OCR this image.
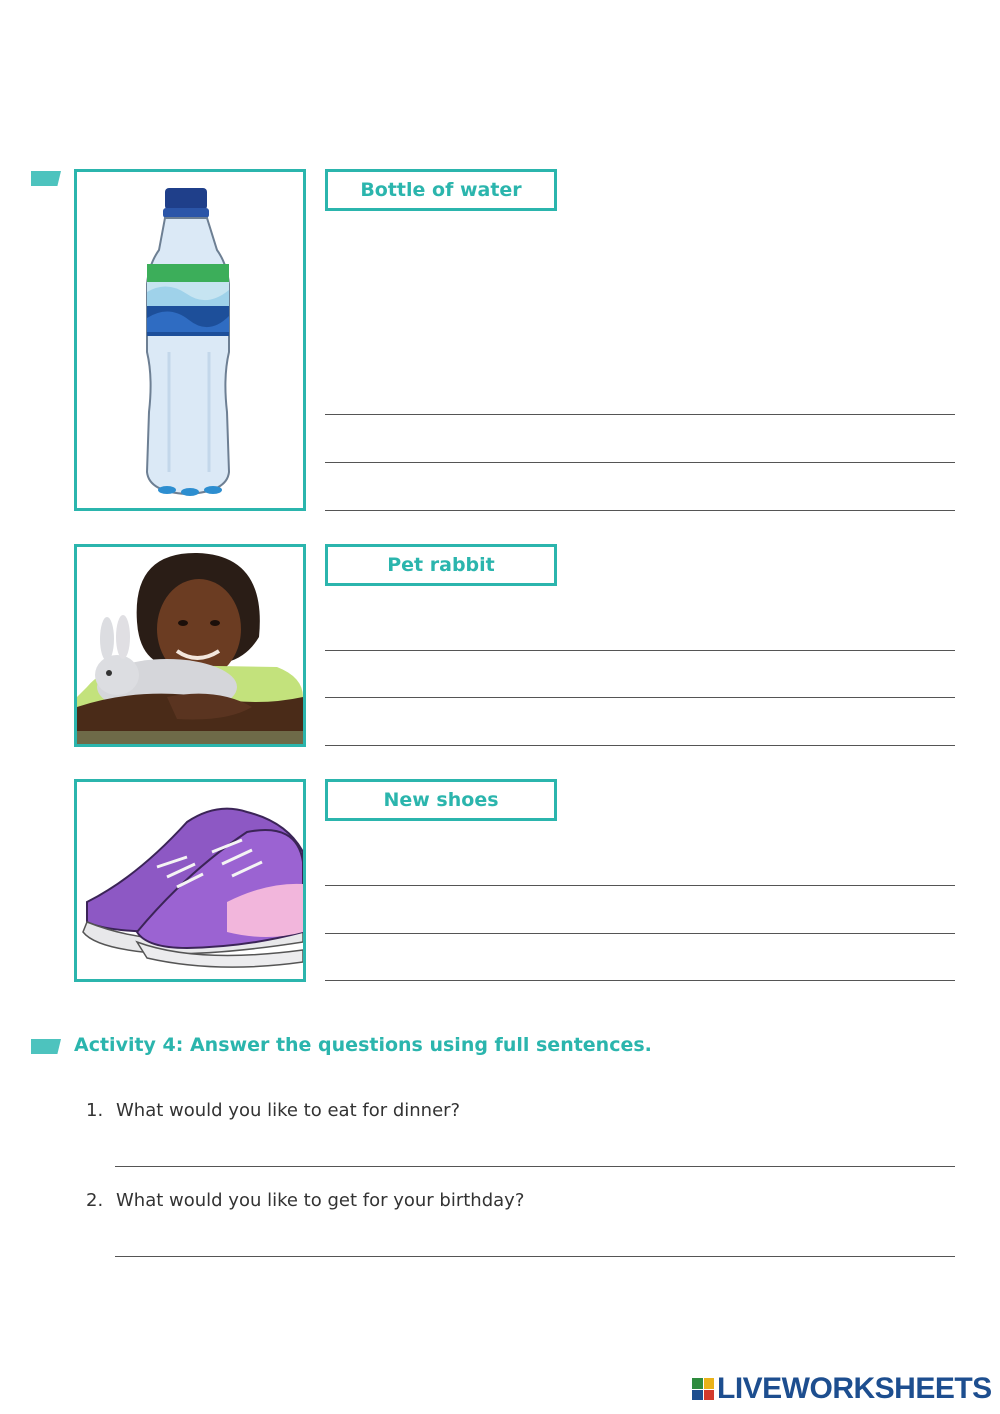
Bottle of water
Pet rabbit
New shoes
Activity 4: Answer the questions using full sentences.
1. What would you like to eat for dinner?
2. What would you like to get for your birthday?
LIVEWORKSHEETS
